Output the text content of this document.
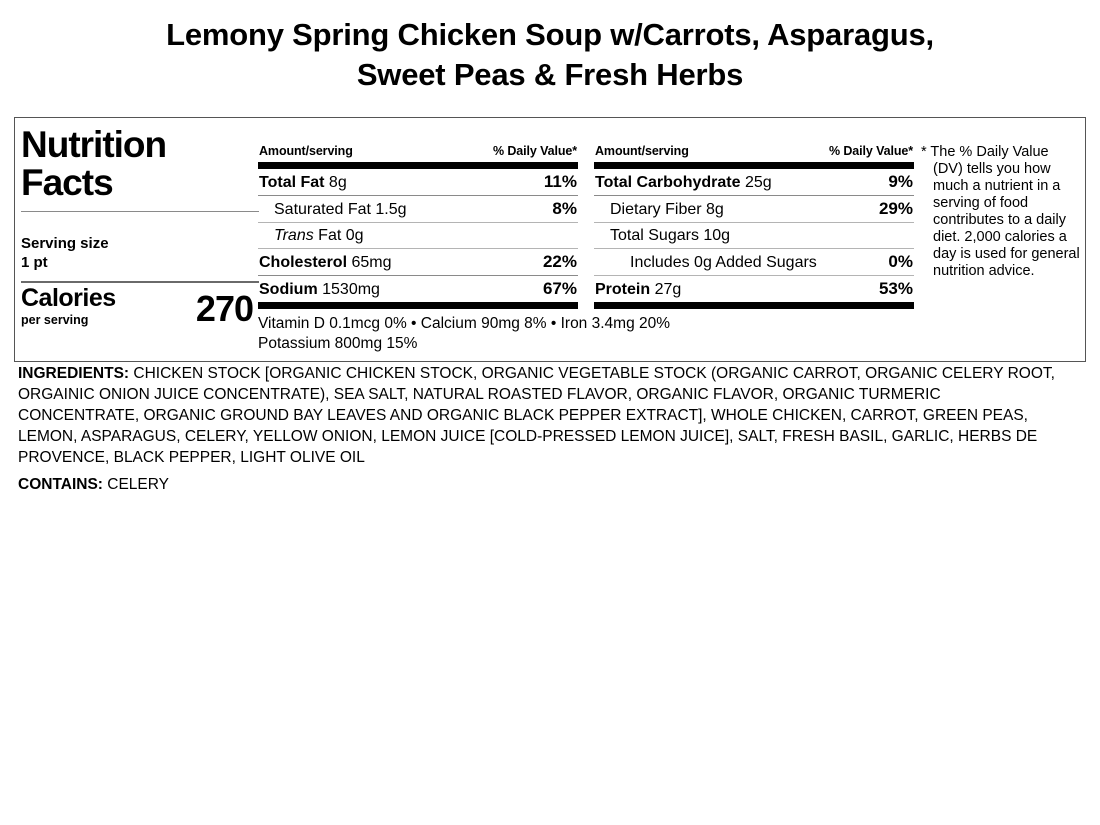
Lemony Spring Chicken Soup w/Carrots, Asparagus,
Sweet Peas & Fresh Herbs
Nutrition
Facts
Serving size
1 pt
Calories
per serving	270
Amount/serving	% Daily Value*
Total Fat 8g	11%
Saturated Fat 1.5g	8%
Trans Fat 0g
Cholesterol 65mg	22%
Sodium 1530mg	67%
Amount/serving	% Daily Value*
Total Carbohydrate 25g	9%
Dietary Fiber 8g	29%
Total Sugars 10g
Includes 0g Added Sugars	0%
Protein 27g	53%
Vitamin D 0.1mcg 0% • Calcium 90mg 8% • Iron 3.4mg 20%
Potassium 800mg 15%
* The % Daily Value (DV) tells you how much a nutrient in a serving of food contributes to a daily diet. 2,000 calories a day is used for general nutrition advice.
INGREDIENTS: CHICKEN STOCK [ORGANIC CHICKEN STOCK, ORGANIC VEGETABLE STOCK (ORGANIC CARROT, ORGANIC CELERY ROOT, ORGAINIC ONION JUICE CONCENTRATE), SEA SALT, NATURAL ROASTED FLAVOR, ORGANIC FLAVOR, ORGANIC TURMERIC CONCENTRATE, ORGANIC GROUND BAY LEAVES AND ORGANIC BLACK PEPPER EXTRACT], WHOLE CHICKEN, CARROT, GREEN PEAS, LEMON, ASPARAGUS, CELERY, YELLOW ONION, LEMON JUICE [COLD-PRESSED LEMON JUICE], SALT, FRESH BASIL, GARLIC, HERBS DE PROVENCE, BLACK PEPPER, LIGHT OLIVE OIL
CONTAINS: CELERY
